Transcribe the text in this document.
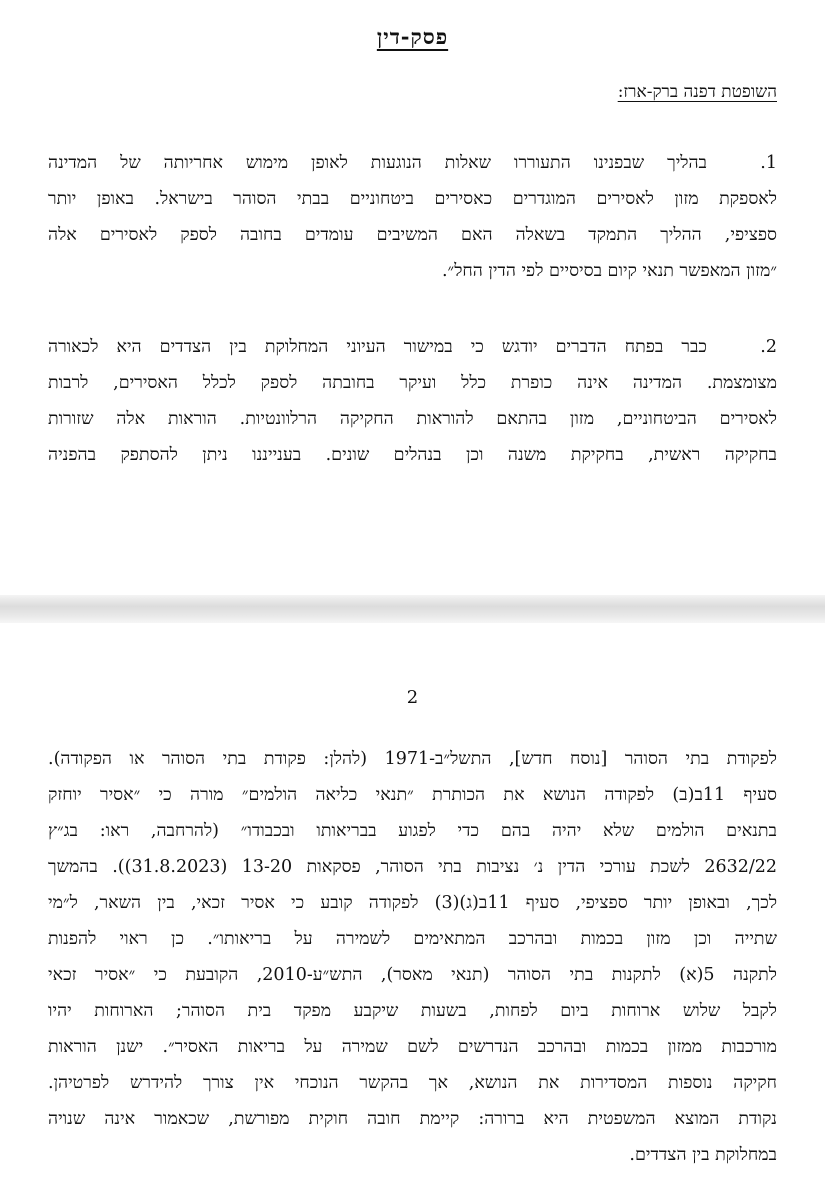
פסק-דין
השופטת דפנה ברק-ארז:
1.
בהליך שבפנינו התעוררו שאלות הנוגעות לאופן מימוש אחריותה של המדינה
לאספקת מזון לאסירים המוגדרים כאסירים ביטחוניים בבתי הסוהר בישראל. באופן יותר
ספציפי, ההליך התמקד בשאלה האם המשיבים עומדים בחובה לספק לאסירים אלה
״מזון המאפשר תנאי קיום בסיסיים לפי הדין החל״.
2.
כבר בפתח הדברים יודגש כי במישור העיוני המחלוקת בין הצדדים היא לכאורה
מצומצמת. המדינה אינה כופרת כלל ועיקר בחובתה לספק לכלל האסירים, לרבות
לאסירים הביטחוניים, מזון בהתאם להוראות החקיקה הרלוונטיות. הוראות אלה שזורות
בחקיקה ראשית, בחקיקת משנה וכן בנהלים שונים. בענייננו ניתן להסתפק בהפניה
2
לפקודת בתי הסוהר [נוסח חדש], התשל״ב-1971 (להלן: פקודת בתי הסוהר או הפקודה).
סעיף 11ב(ב) לפקודה הנושא את הכותרת ״תנאי כליאה הולמים״ מורה כי ״אסיר יוחזק
בתנאים הולמים שלא יהיה בהם כדי לפגוע בבריאותו ובכבודו״ (להרחבה, ראו: בג״ץ
2632/22 לשכת עורכי הדין נ׳ נציבות בתי הסוהר, פסקאות 13-20 (31.8.2023)). בהמשך
לכך, ובאופן יותר ספציפי, סעיף 11ב(ג)(3) לפקודה קובע כי אסיר זכאי, בין השאר, ל״מי
שתייה וכן מזון בכמות ובהרכב המתאימים לשמירה על בריאותו״. כן ראוי להפנות
לתקנה 5(א) לתקנות בתי הסוהר (תנאי מאסר), התש״ע-2010, הקובעת כי ״אסיר זכאי
לקבל שלוש ארוחות ביום לפחות, בשעות שיקבע מפקד בית הסוהר; הארוחות יהיו
מורכבות ממזון בכמות ובהרכב הנדרשים לשם שמירה על בריאות האסיר״. ישנן הוראות
חקיקה נוספות המסדירות את הנושא, אך בהקשר הנוכחי אין צורך להידרש לפרטיהן.
נקודת המוצא המשפטית היא ברורה: קיימת חובה חוקית מפורשת, שכאמור אינה שנויה
במחלוקת בין הצדדים.
